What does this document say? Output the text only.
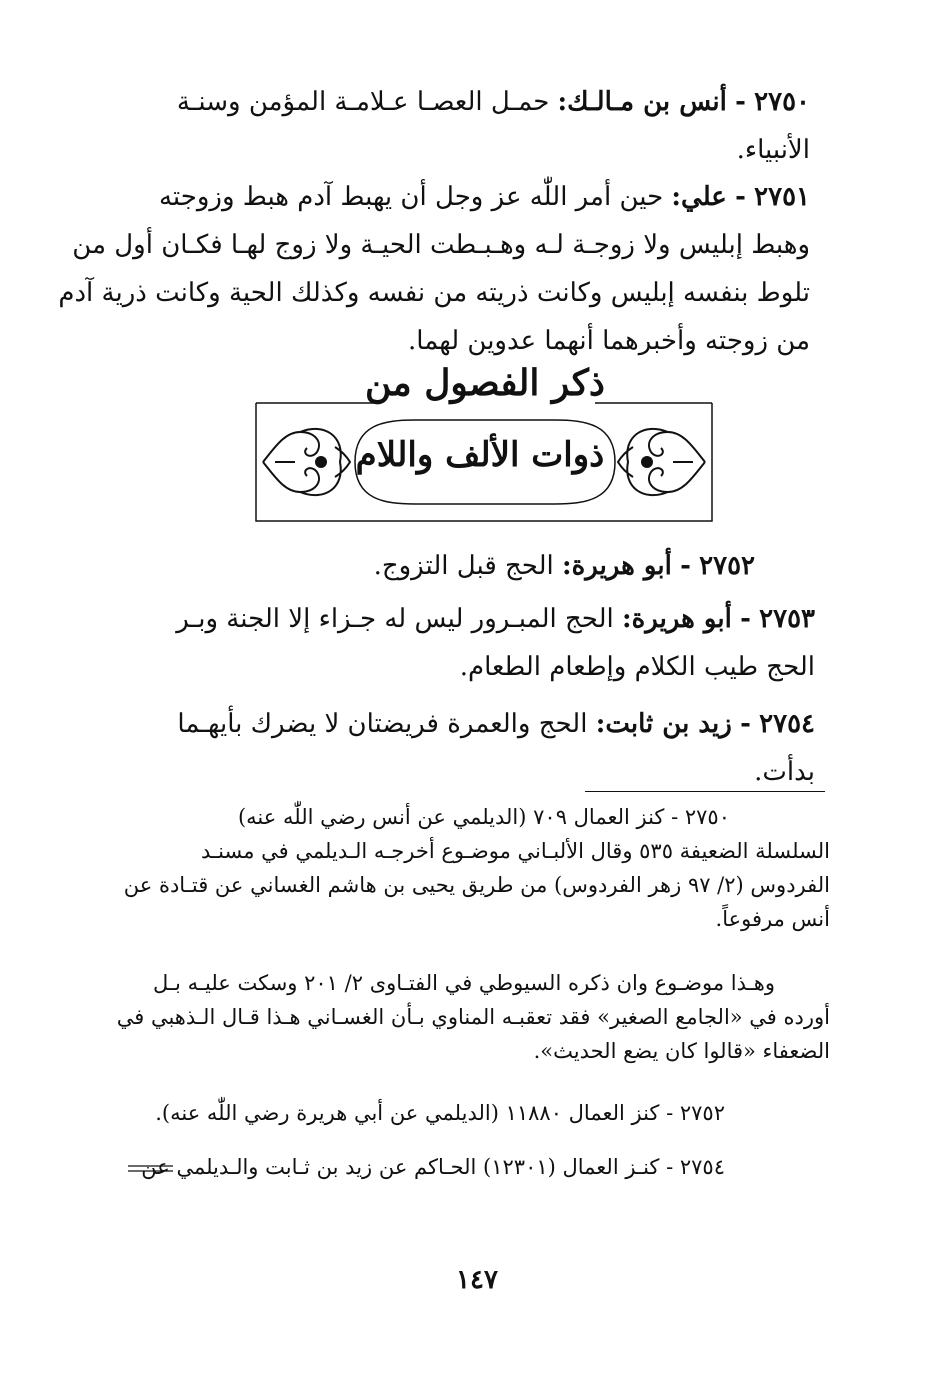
٢٧٥٠ - أنس بن مـالـك: حمـل العصـا عـلامـة المؤمن وسنـة
الأنبياء.
٢٧٥١ - علي: حين أمر اللّٰه عز وجل أن يهبط آدم هبط وزوجته
وهبط إبليس ولا زوجـة لـه وهـبـطت الحيـة ولا زوج لهـا فكـان أول من
تلوط بنفسه إبليس وكانت ذريته من نفسه وكذلك الحية وكانت ذرية آدم
من زوجته وأخبرهما أنهما عدوين لهما.
ذكر الفصول من
ذوات الألف واللام
٢٧٥٢ - أبو هريرة: الحج قبل التزوج.
٢٧٥٣ - أبو هريرة: الحج المبـرور ليس له جـزاء إلا الجنة وبـر
الحج طيب الكلام وإطعام الطعام.
٢٧٥٤ - زيد بن ثابت: الحج والعمرة فريضتان لا يضرك بأيهـما
بدأت.
٢٧٥٠ - كنز العمال ٧٠٩ (الديلمي عن أنس رضي اللّٰه عنه)
السلسلة الضعيفة ٥٣٥ وقال الألبـاني موضـوع أخرجـه الـديلمي في مسنـد
الفردوس (٢/ ٩٧ زهر الفردوس) من طريق يحيى بن هاشم الغساني عن قتـادة عن
أنس مرفوعاً.
وهـذا موضـوع وان ذكره السيوطي في الفتـاوى ٢/ ٢٠١ وسكت عليـه بـل
أورده في «الجامع الصغير» فقد تعقبـه المناوي بـأن الغسـاني هـذا قـال الـذهبي في
الضعفاء «قالوا كان يضع الحديث».
٢٧٥٢ - كنز العمال ١١٨٨٠ (الديلمي عن أبي هريرة رضي اللّٰه عنه).
٢٧٥٤ - كنـز العمال (١٢٣٠١) الحـاكم عن زيد بن ثـابت والـديلمي عن
١٤٧
